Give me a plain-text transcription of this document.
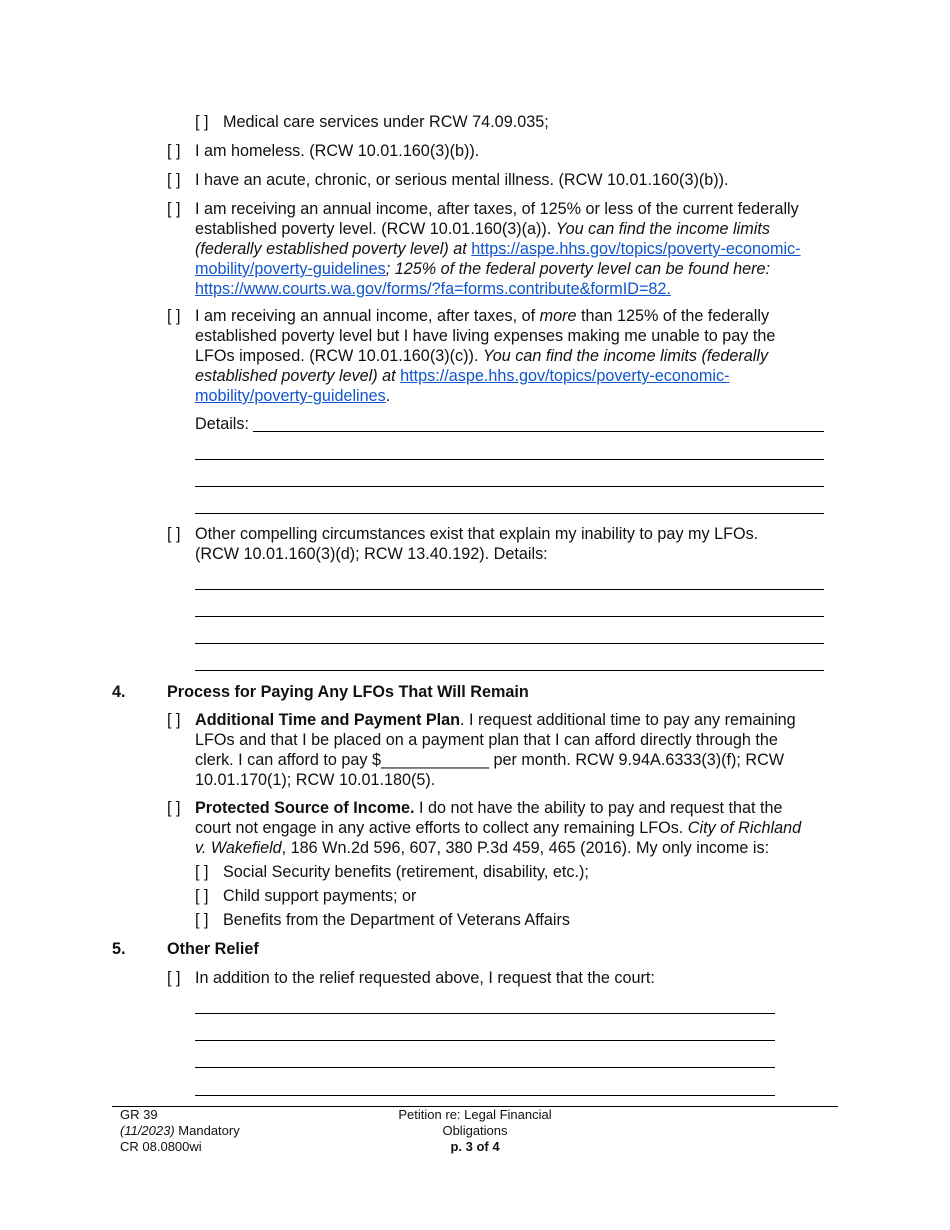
[ ] Medical care services under RCW 74.09.035;
[ ] I am homeless. (RCW 10.01.160(3)(b)).
[ ] I have an acute, chronic, or serious mental illness. (RCW 10.01.160(3)(b)).
[ ] I am receiving an annual income, after taxes, of 125% or less of the current federally
established poverty level. (RCW 10.01.160(3)(a)). You can find the income limits
(federally established poverty level) at https://aspe.hhs.gov/topics/poverty-economic-
mobility/poverty-guidelines; 125% of the federal poverty level can be found here:
https://www.courts.wa.gov/forms/?fa=forms.contribute&formID=82.
[ ] I am receiving an annual income, after taxes, of more than 125% of the federally
established poverty level but I have living expenses making me unable to pay the
LFOs imposed. (RCW 10.01.160(3)(c)). You can find the income limits (federally
established poverty level) at https://aspe.hhs.gov/topics/poverty-economic-
mobility/poverty-guidelines.
Details:
[ ] Other compelling circumstances exist that explain my inability to pay my LFOs.
(RCW 10.01.160(3)(d); RCW 13.40.192). Details:
4.	Process for Paying Any LFOs That Will Remain
[ ] Additional Time and Payment Plan. I request additional time to pay any remaining
LFOs and that I be placed on a payment plan that I can afford directly through the
clerk. I can afford to pay $____________ per month. RCW 9.94A.6333(3)(f); RCW
10.01.170(1); RCW 10.01.180(5).
[ ] Protected Source of Income. I do not have the ability to pay and request that the
court not engage in any active efforts to collect any remaining LFOs. City of Richland
v. Wakefield, 186 Wn.2d 596, 607, 380 P.3d 459, 465 (2016). My only income is:
[ ] Social Security benefits (retirement, disability, etc.);
[ ] Child support payments; or
[ ] Benefits from the Department of Veterans Affairs
5.	Other Relief
[ ] In addition to the relief requested above, I request that the court:
GR 39
(11/2023) Mandatory
CR 08.0800wi
Petition re: Legal Financial
Obligations
p. 3 of 4
